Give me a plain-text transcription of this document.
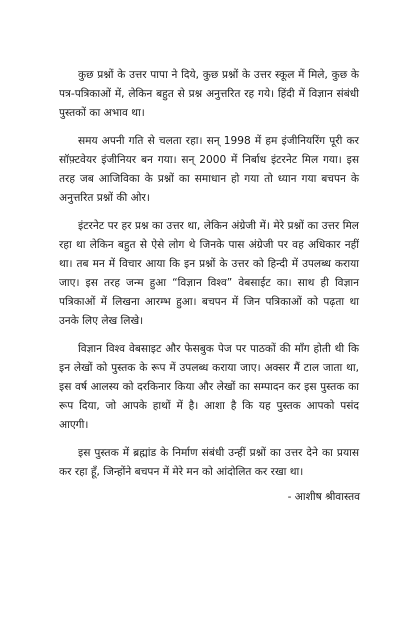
कुछ प्रश्नों के उत्तर पापा ने दिये, कुछ प्रश्नों के उत्तर स्कूल में मिले, कुछ के पत्र-पत्रिकाओं में, लेकिन बहुत से प्रश्न अनुत्तरित रह गये। हिंदी में विज्ञान संबंधी पुस्तकों का अभाव था।

समय अपनी गति से चलता रहा। सन् 1998 में हम इंजीनियरिंग पूरी कर सॉफ़्टवेयर इंजीनियर बन गया। सन् 2000 में निर्बाध इंटरनेट मिल गया। इस तरह जब आजिविका के प्रश्नों का समाधान हो गया तो ध्यान गया बचपन के अनुत्तरित प्रश्नों की ओर।

इंटरनेट पर हर प्रश्न का उत्तर था, लेकिन अंग्रेजी में। मेरे प्रश्नों का उत्तर मिल रहा था लेकिन बहुत से ऐसे लोग थे जिनके पास अंग्रेजी पर वह अधिकार नहीं था। तब मन में विचार आया कि इन प्रश्नों के उत्तर को हिन्दी में उपलब्ध कराया जाए। इस तरह जन्म हुआ “विज्ञान विश्व” वेबसाईट का। साथ ही विज्ञान पत्रिकाओं में लिखना आरम्भ हुआ। बचपन में जिन पत्रिकाओं को पढ़ता था उनके लिए लेख लिखे।

विज्ञान विश्व वेबसाइट और फेसबुक पेज पर पाठकों की माँग होती थी कि इन लेखों को पुस्तक के रूप में उपलब्ध कराया जाए। अक्सर मैं टाल जाता था, इस वर्ष आलस्य को दरकिनार किया और लेखों का सम्पादन कर इस पुस्तक का रूप दिया, जो आपके हाथों में है। आशा है कि यह पुस्तक आपको पसंद आएगी।

इस पुस्तक में ब्रह्मांड के निर्माण संबंधी उन्हीं प्रश्नों का उत्तर देने का प्रयास कर रहा हूँ, जिन्होंने बचपन में मेरे मन को आंदोलित कर रखा था।

- आशीष श्रीवास्तव
